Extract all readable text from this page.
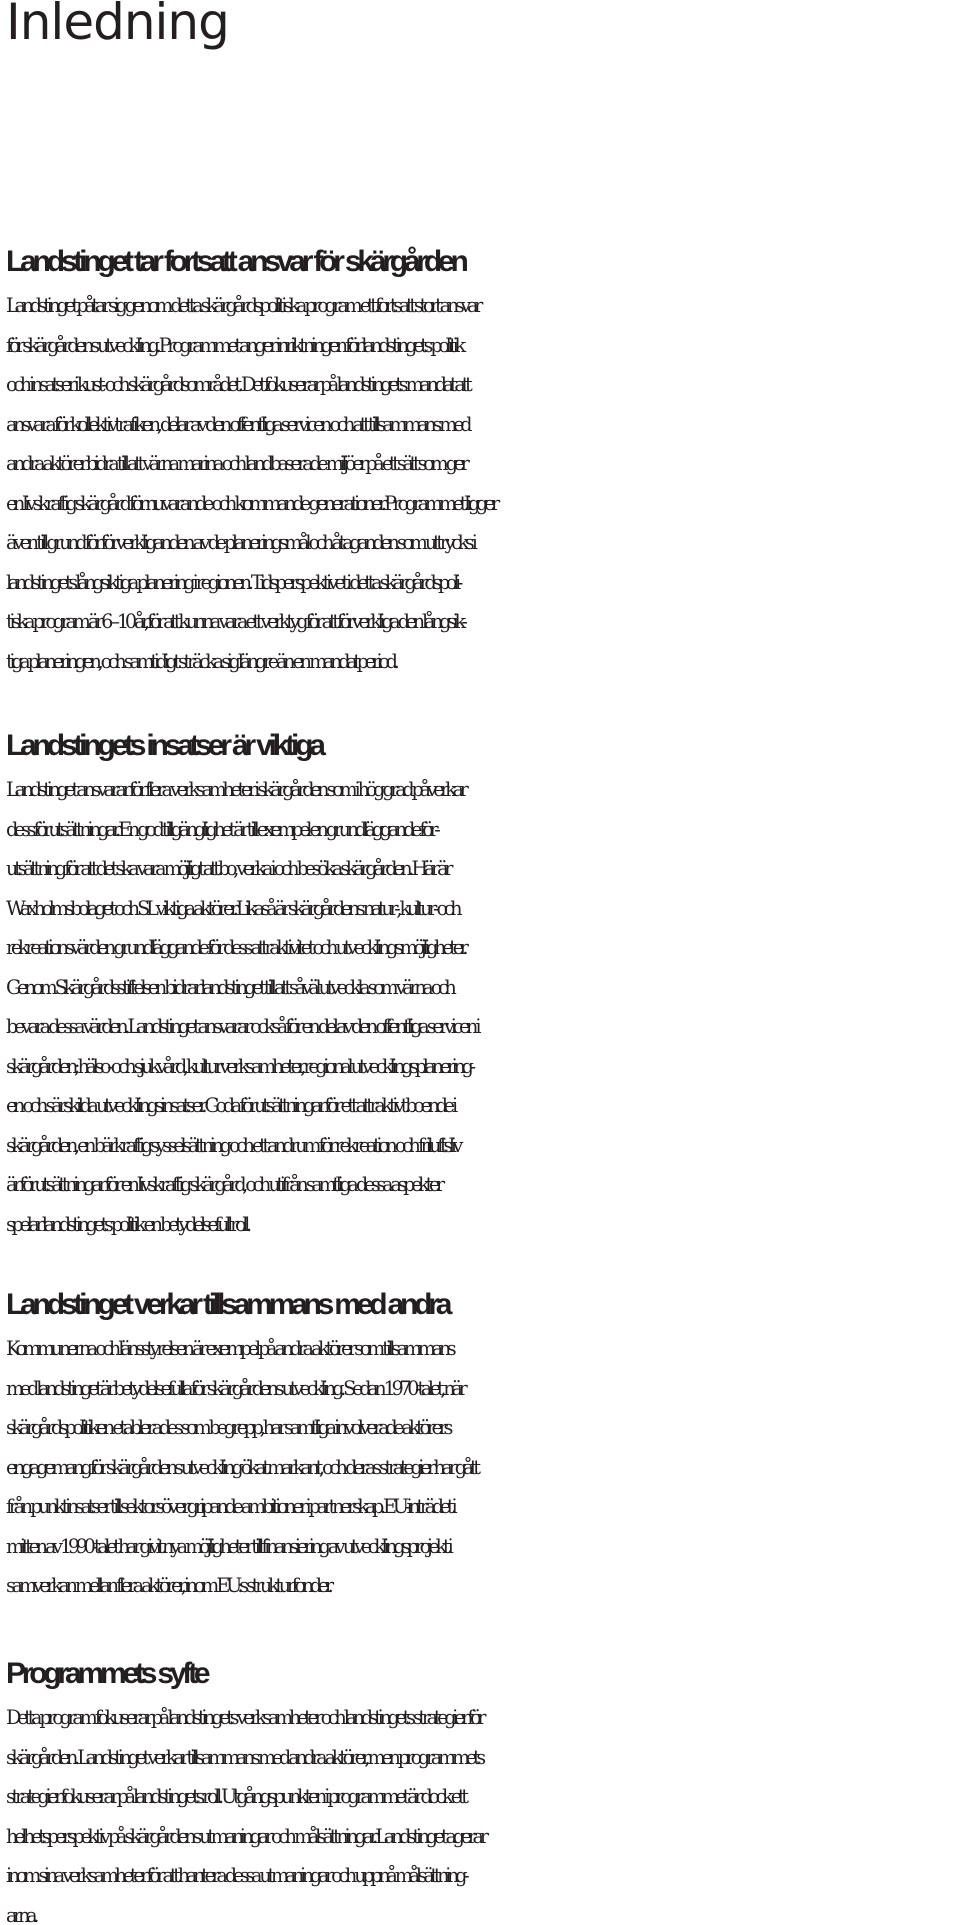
Inledning
Landstinget tar fortsatt ansvar för skärgården
Landstinget påtar sig genom detta skärgårdspolitiska program ett fortsatt stort ansvar
för skärgårdens utveckling. Programmet anger inriktningen för landstingets politik
och insatser i kust- och skärgårdsområdet. Det fokuserar på landstingets mandat att
ansvara för kollektivtrafiken, delar av den offentliga servicen och att tillsammans med
andra aktörer bidra till att värna marina och landbaserade miljöer på ett sätt som ger
en livskraftig skärgård för nuvarande och kommande generationer. Programmet ligger
även till grund för förverkliganden av de planeringsmål och åtaganden som uttrycks i
landstingets långsiktiga planering i regionen. Tidsperspektivet i detta skärgårdspoli-
tiska program är 6 – 10 år, för att kunna vara ett verktyg för att förverkliga den långsik-
tiga planeringen, och samtidigt sträcka sig längre än en mandatperiod.
Landstingets insatser är viktiga
Landstinget ansvarar för flera verksamheter i skärgården som i hög grad påverkar
dess förutsättningar. En god tillgänglighet är till exempel en grundläggande för-
utsättning för att det ska vara möjligt att bo, verka i och besöka skärgården. Här är
Waxholmsbolaget och SL viktiga aktörer. Likaså är skärgårdens natur-, kultur- och
rekreationsvärden grundläggande för dess attraktivitet och utvecklingsmöjligheter.
Genom Skärgårdsstiftelsen bidrar landstinget till att såväl utveckla som värna och
bevara dessa värden. Landstinget ansvarar också för en del av den offentliga servicen i
skärgården; hälso- och sjukvård, kulturverksamheter, regional utvecklingsplanering-
en och särskilda utvecklingsinsatser. Goda förutsättningar för ett attraktivt boende i
skärgården, en bärkraftig sysselsättning och ett andrum för rekreation och friluftsliv
är förutsättningar för en livskraftig skärgård, och utifrån samtliga dessa aspekter
spelar landstingets politik en betydelsefull roll.
Landstinget verkar tillsammans med andra
Kommunerna och länsstyrelsen är exempel på andra aktörer som tillsammans
med landstinget är betydelsefulla för skärgårdens utveckling. Sedan 1970-talet, när
skärgårdspolitiken etablerades som begrepp, har samtliga involverade aktörers
engagemang för skärgårdens utveckling ökat markant, och deras strategier har gått
från punktinsatser till sektorsövergripande ambitioner i partnerskap. EU-inträdet i
mitten av 1990-talet har givit nya möjligheter till finansiering av utvecklingsprojekt i
samverkan mellan flera aktörer, inom EU:s strukturfonder.
Programmets syfte
Detta program fokuserar på landstingets verksamheter och landstingets strategier för
skärgården. Landstinget verkar tillsammans med andra aktörer, men programmets
strategier fokuserar på landstingets roll. Utgångspunkten i programmet är dock ett
helhetsperspektiv på skärgårdens utmaningar och målsättningar. Landstinget agerar
inom sina verksamheter för att hantera dessa utmaningar och uppnå målsättning-
arna.
